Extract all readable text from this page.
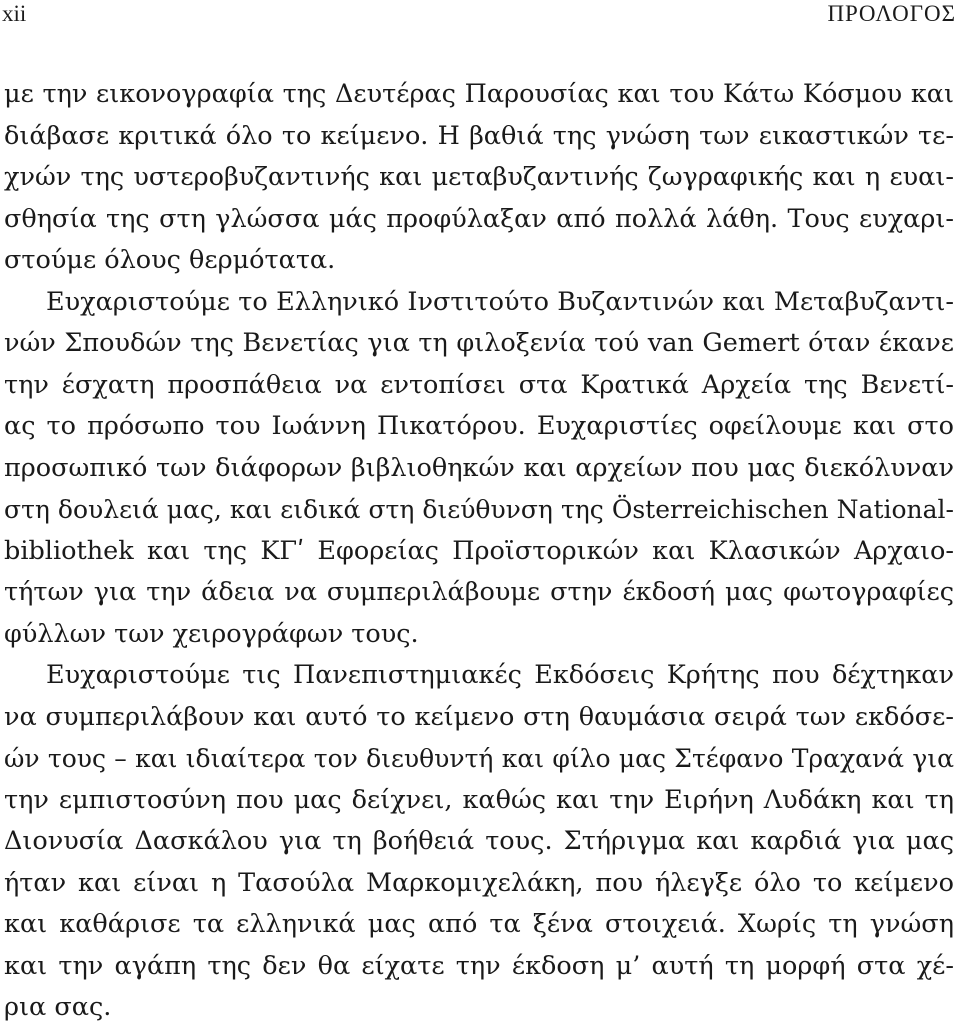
xii	ΠΡΟΛΟΓΟΣ
με την εικονογραφία της Δευτέρας Παρουσίας και του Κάτω Κόσμου και
διάβασε κριτικά όλο το κείμενο. Η βαθιά της γνώση των εικαστικών τε-
χνών της υστεροβυζαντινής και μεταβυζαντινής ζωγραφικής και η ευαι-
σθησία της στη γλώσσα μάς προφύλαξαν από πολλά λάθη. Τους ευχαρι-
στούμε όλους θερμότατα.
Ευχαριστούμε το Ελληνικό Ινστιτούτο Βυζαντινών και Μεταβυζαντι-
νών Σπουδών της Βενετίας για τη φιλοξενία τού van Gemert όταν έκανε
την έσχατη προσπάθεια να εντοπίσει στα Κρατικά Αρχεία της Βενετί-
ας το πρόσωπο του Ιωάννη Πικατόρου. Ευχαριστίες οφείλουμε και στο
προσωπικό των διάφορων βιβλιοθηκών και αρχείων που μας διεκόλυναν
στη δουλειά μας, και ειδικά στη διεύθυνση της Österreichischen National-
bibliothek και της ΚΓʹ Εφορείας Προϊστορικών και Κλασικών Αρχαιο-
τήτων για την άδεια να συμπεριλάβουμε στην έκδοσή μας φωτογραφίες
φύλλων των χειρογράφων τους.
Ευχαριστούμε τις Πανεπιστημιακές Εκδόσεις Κρήτης που δέχτηκαν
να συμπεριλάβουν και αυτό το κείμενο στη θαυμάσια σειρά των εκδόσε-
ών τους – και ιδιαίτερα τον διευθυντή και φίλο μας Στέφανο Τραχανά για
την εμπιστοσύνη που μας δείχνει, καθώς και την Ειρήνη Λυδάκη και τη
Διονυσία Δασκάλου για τη βοήθειά τους. Στήριγμα και καρδιά για μας
ήταν και είναι η Τασούλα Μαρκομιχελάκη, που ήλεγξε όλο το κείμενο
και καθάρισε τα ελληνικά μας από τα ξένα στοιχειά. Χωρίς τη γνώση
και την αγάπη της δεν θα είχατε την έκδοση μ’ αυτή τη μορφή στα χέ-
ρια σας.
